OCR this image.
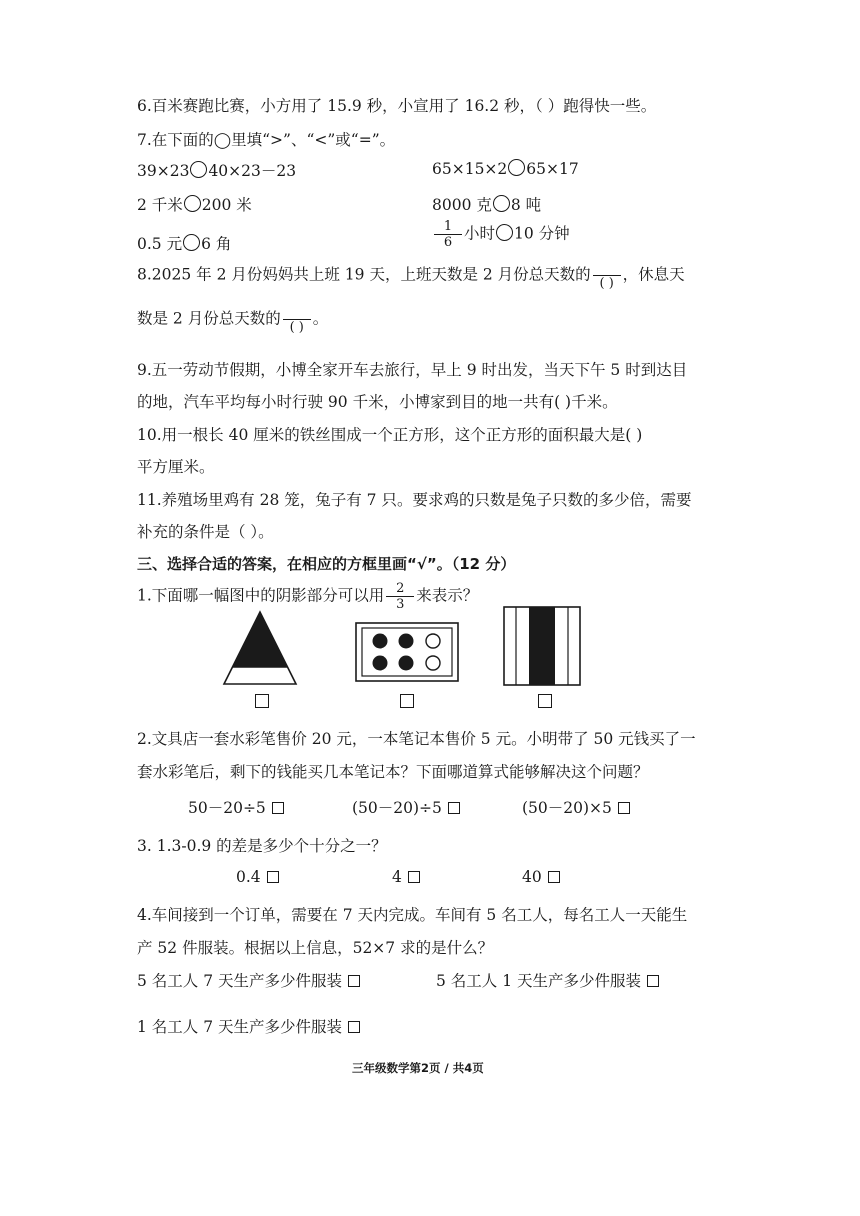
6.百米赛跑比赛，小方用了 15.9 秒，小宣用了 16.2 秒，（ ）跑得快一些。
7.在下面的◯里填“>”、“<”或“=”。
39×23 40×23－23	65×15×2 65×17
2 千米 200 米	8000 克 8 吨
0.5 元 6 角	$\frac{1}{6}$ 小时 10 分钟
8.2025 年 2 月份妈妈共上班 19 天，上班天数是 2 月份总天数的
( ) ，休息天
数是 2 月份总天数的
( ) 。
9.五一劳动节假期，小博全家开车去旅行，早上 9 时出发，当天下午 5 时到达目
的地，汽车平均每小时行驶 90 千米，小博家到目的地一共有( )千米。
10.用一根长 40 厘米的铁丝围成一个正方形，这个正方形的面积最大是( )
平方厘米。
11.养殖场里鸡有 28 笼，兔子有 7 只。要求鸡的只数是兔子只数的多少倍，需要
补充的条件是（ ）。
三、选择合适的答案，在相应的方框里画“√”。（12 分）
1.下面哪一幅图中的阴影部分可以用 $\frac{2}{3}$ 来表示？
2.文具店一套水彩笔售价 20 元，一本笔记本售价 5 元。小明带了 50 元钱买了一
套水彩笔后，剩下的钱能买几本笔记本？下面哪道算式能够解决这个问题？
50－20÷5	(50－20)÷5	(50－20)×5
3. 1.3-0.9 的差是多少个十分之一？
0.4	4	40
4.车间接到一个订单，需要在 7 天内完成。车间有 5 名工人，每名工人一天能生
产 52 件服装。根据以上信息，52×7 求的是什么？
5 名工人 7 天生产多少件服装	5 名工人 1 天生产多少件服装
1 名工人 7 天生产多少件服装
三年级数学第2页 / 共4页
